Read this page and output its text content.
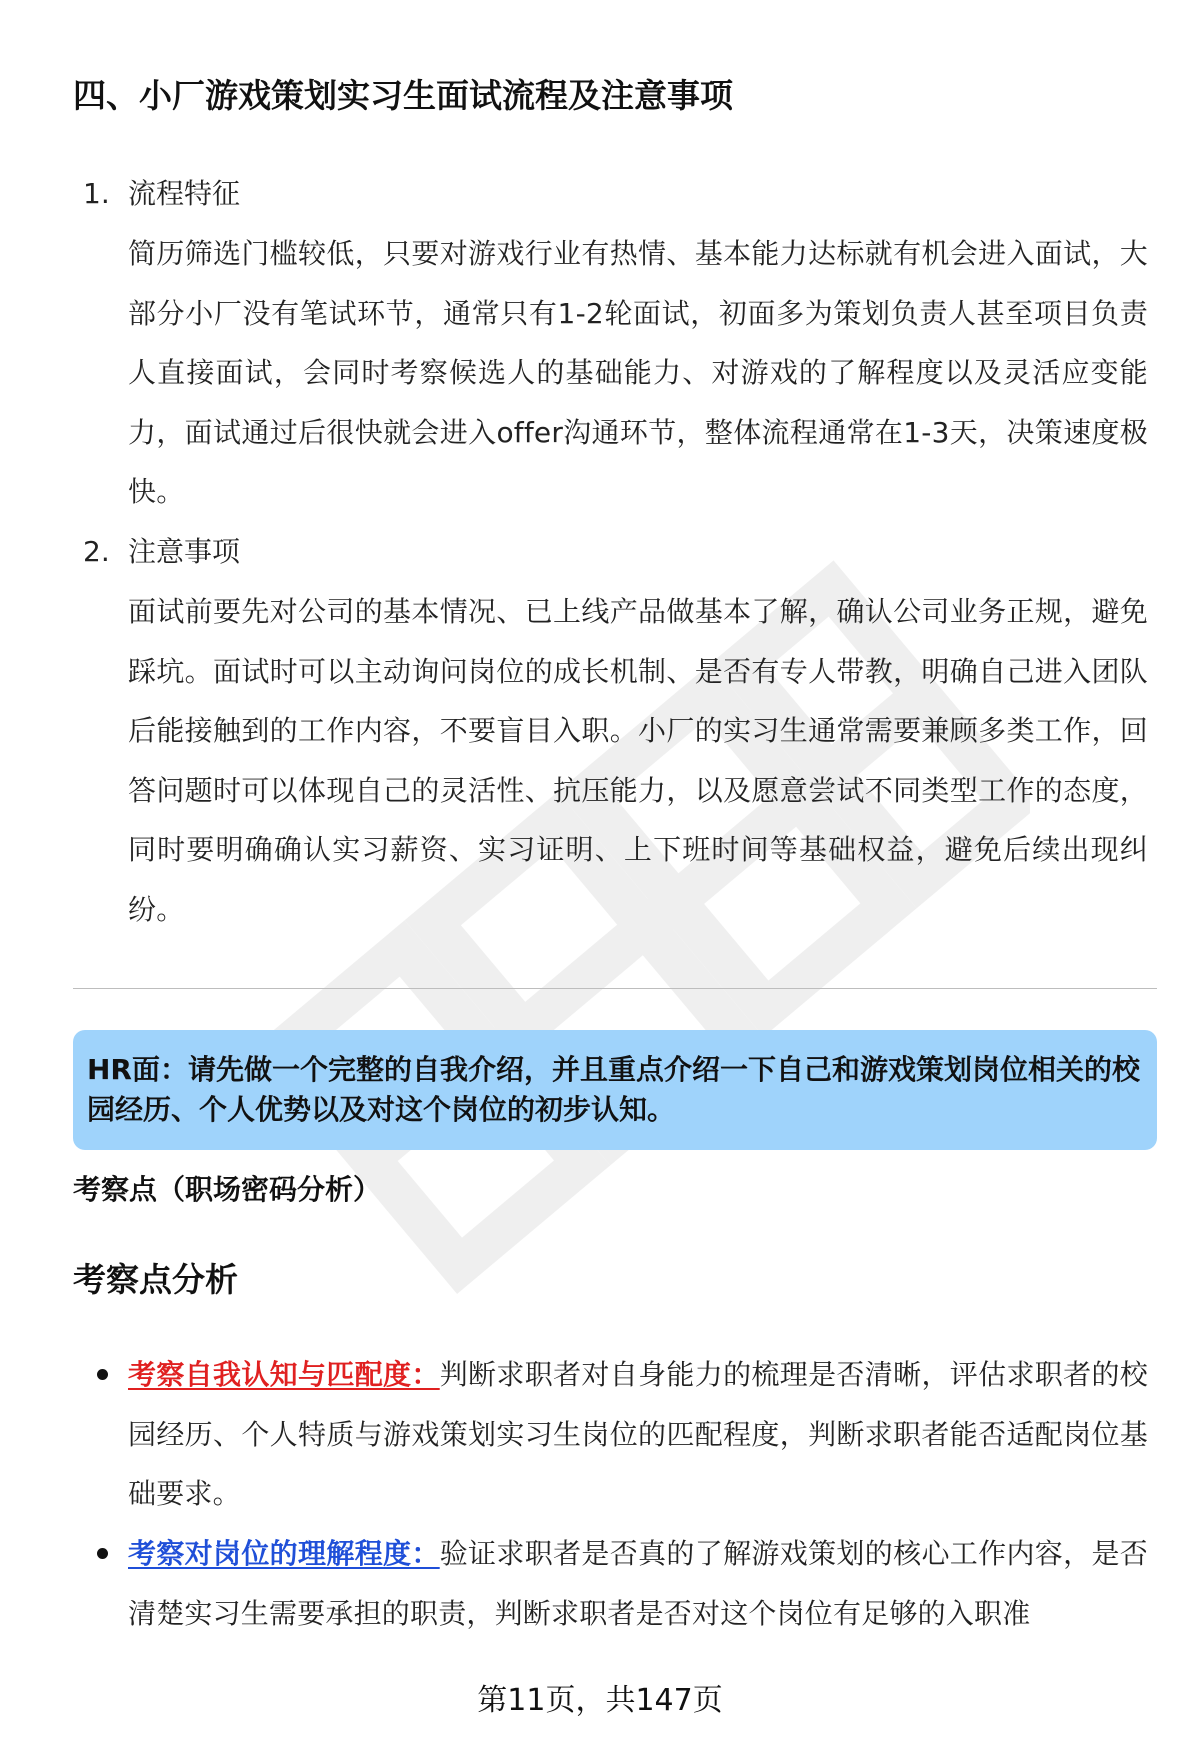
四、小厂游戏策划实习生面试流程及注意事项
1. 流程特征
简历筛选门槛较低，只要对游戏行业有热情、基本能力达标就有机会进入面试，大部分小厂没有笔试环节，通常只有1-2轮面试，初面多为策划负责人甚至项目负责人直接面试，会同时考察候选人的基础能力、对游戏的了解程度以及灵活应变能力，面试通过后很快就会进入offer沟通环节，整体流程通常在1-3天，决策速度极快。
2. 注意事项
面试前要先对公司的基本情况、已上线产品做基本了解，确认公司业务正规，避免踩坑。面试时可以主动询问岗位的成长机制、是否有专人带教，明确自己进入团队后能接触到的工作内容，不要盲目入职。小厂的实习生通常需要兼顾多类工作，回答问题时可以体现自己的灵活性、抗压能力，以及愿意尝试不同类型工作的态度，同时要明确确认实习薪资、实习证明、上下班时间等基础权益，避免后续出现纠纷。
HR面：请先做一个完整的自我介绍，并且重点介绍一下自己和游戏策划岗位相关的校园经历、个人优势以及对这个岗位的初步认知。
考察点（职场密码分析）
考察点分析
考察自我认知与匹配度：判断求职者对自身能力的梳理是否清晰，评估求职者的校园经历、个人特质与游戏策划实习生岗位的匹配程度，判断求职者能否适配岗位基础要求。
考察对岗位的理解程度：验证求职者是否真的了解游戏策划的核心工作内容，是否清楚实习生需要承担的职责，判断求职者是否对这个岗位有足够的入职准
第11页，共147页
